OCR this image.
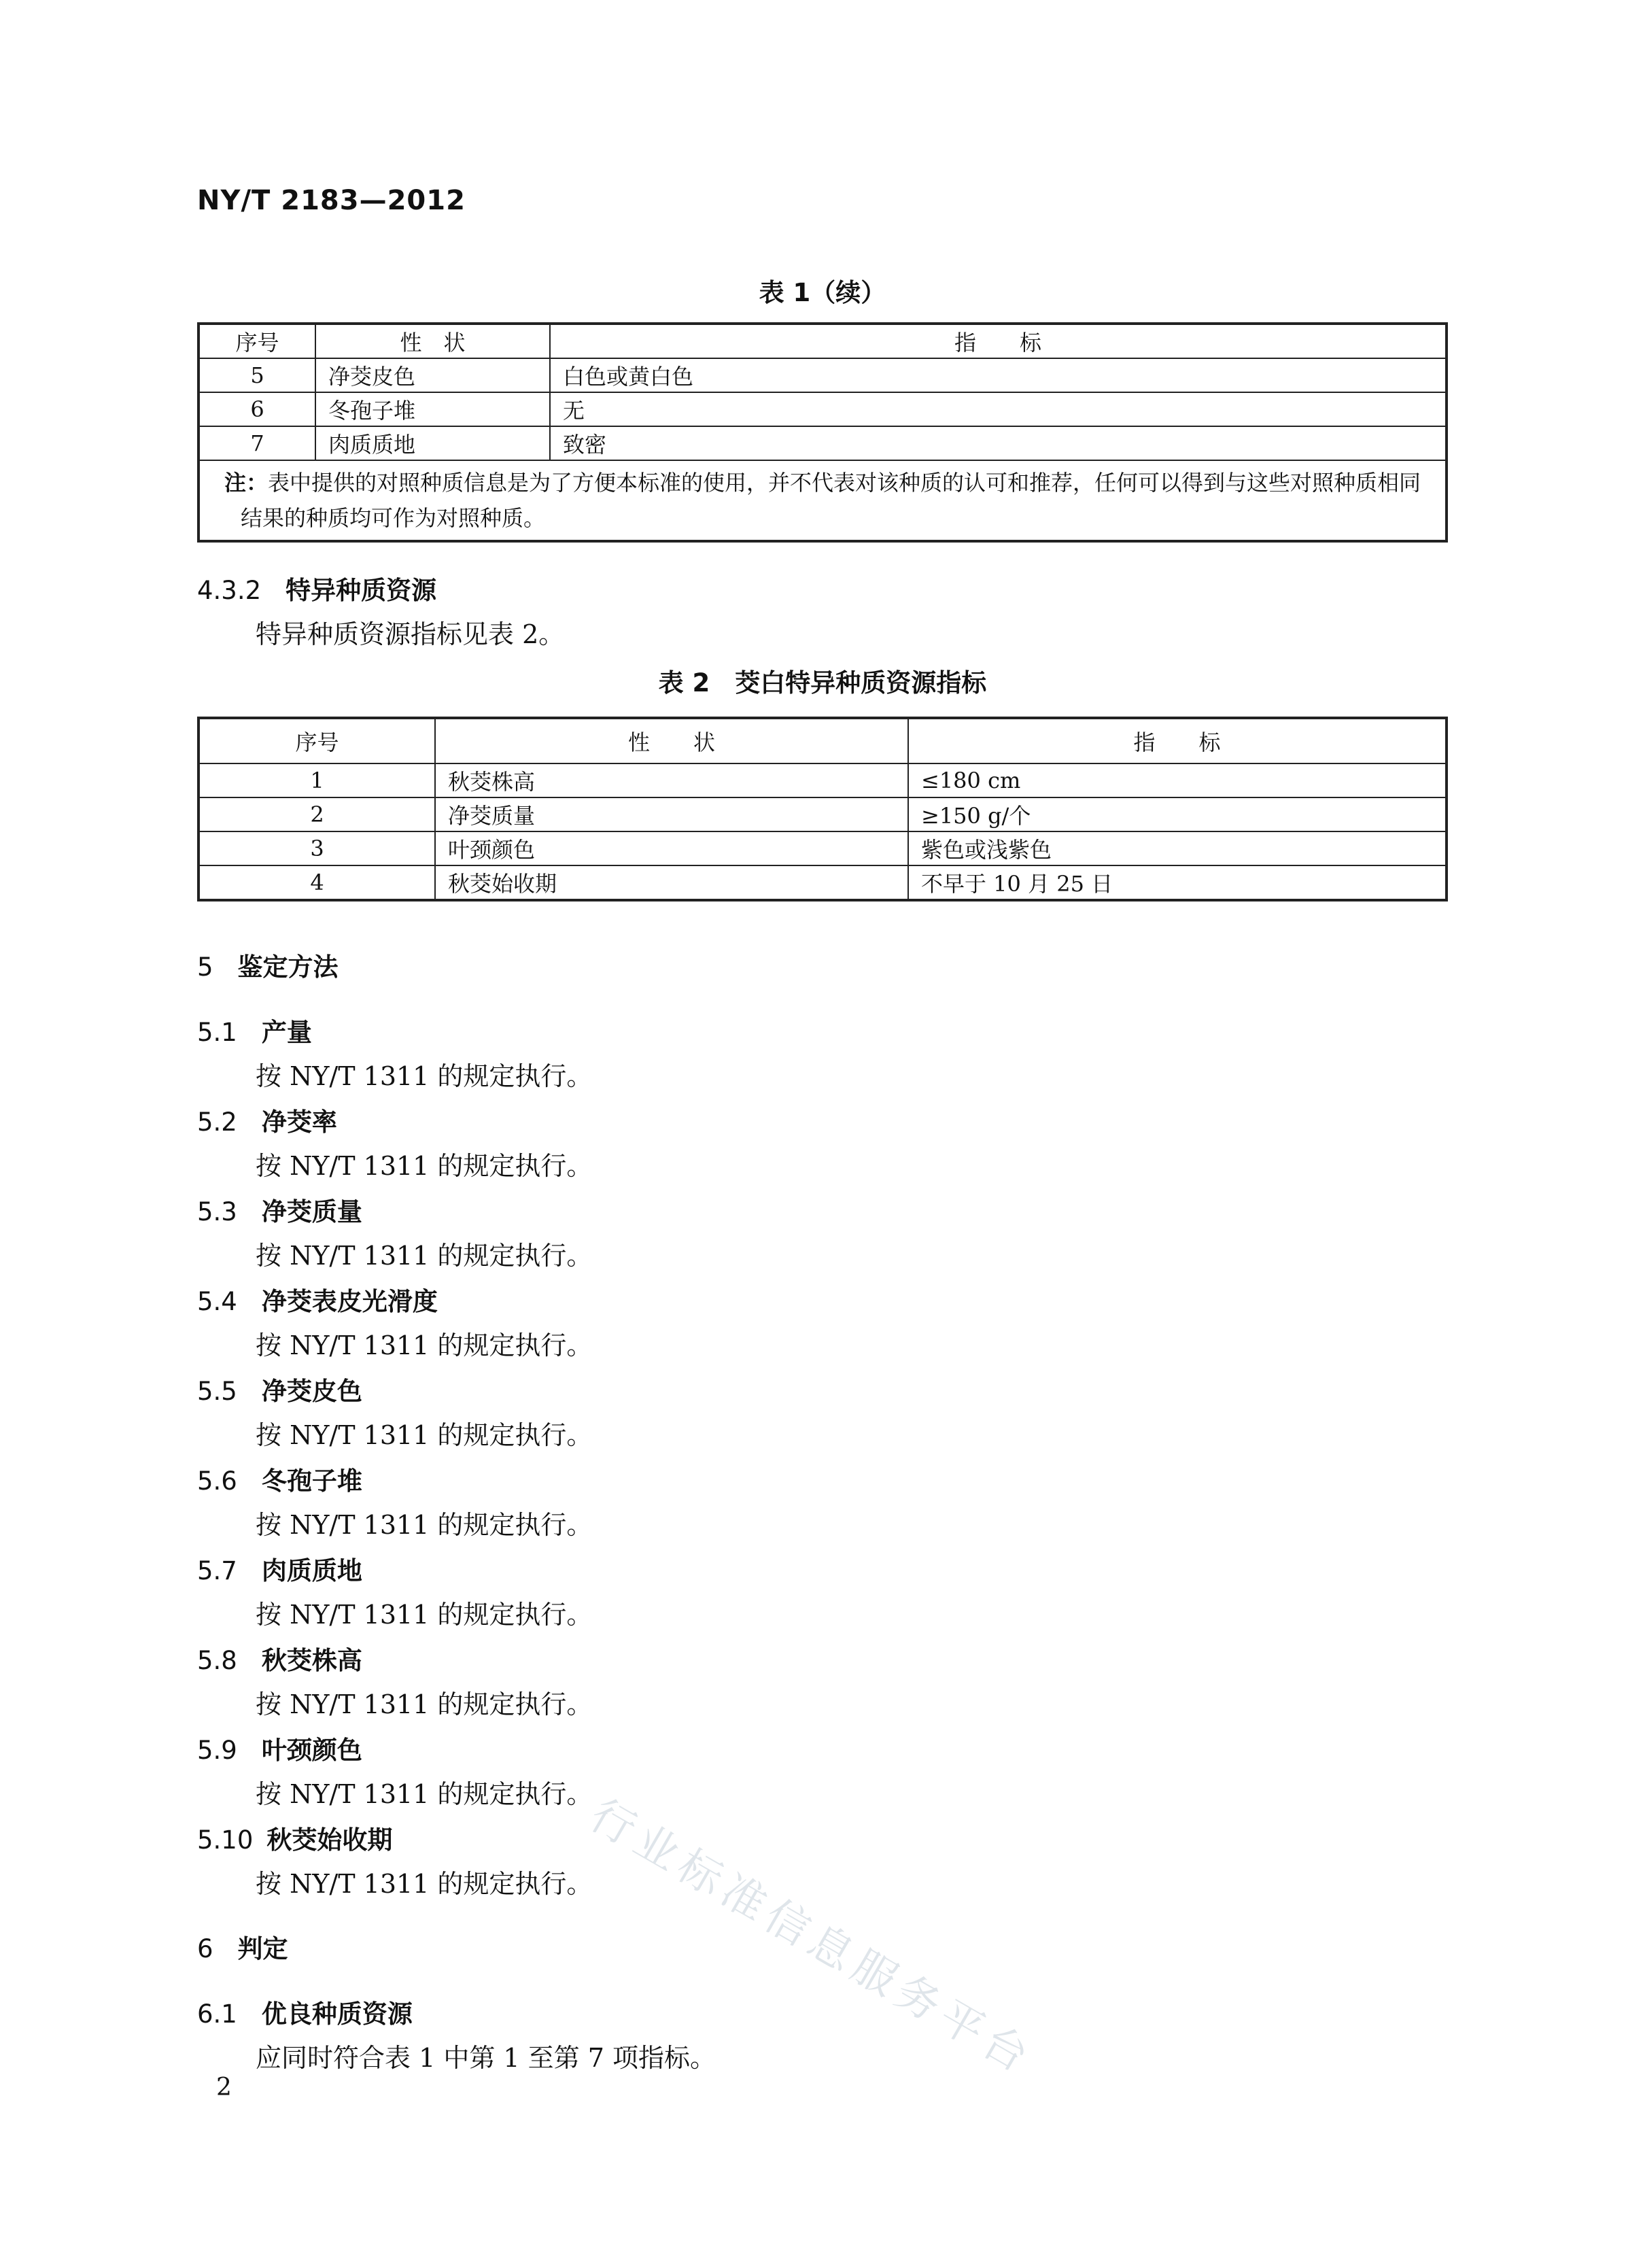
NY/T 2183—2012
表 1（续）
序号	性　状	指　　标
5	净茭皮色	白色或黄白色
6	冬孢子堆	无
7	肉质质地	致密
注：表中提供的对照种质信息是为了方便本标准的使用，并不代表对该种质的认可和推荐，任何可以得到与这些对照种质相同结果的种质均可作为对照种质。		
4.3.2 特异种质资源
特异种质资源指标见表 2。
表 2　茭白特异种质资源指标
序号	性　　状	指　　标
1	秋茭株高	≤180 cm
2	净茭质量	≥150 g/个
3	叶颈颜色	紫色或浅紫色
4	秋茭始收期	不早于 10 月 25 日
5 鉴定方法
5.1 产量
按 NY/T 1311 的规定执行。
5.2 净茭率
按 NY/T 1311 的规定执行。
5.3 净茭质量
按 NY/T 1311 的规定执行。
5.4 净茭表皮光滑度
按 NY/T 1311 的规定执行。
5.5 净茭皮色
按 NY/T 1311 的规定执行。
5.6 冬孢子堆
按 NY/T 1311 的规定执行。
5.7 肉质质地
按 NY/T 1311 的规定执行。
5.8 秋茭株高
按 NY/T 1311 的规定执行。
5.9 叶颈颜色
按 NY/T 1311 的规定执行。
5.10 秋茭始收期
按 NY/T 1311 的规定执行。
6 判定
6.1 优良种质资源
应同时符合表 1 中第 1 至第 7 项指标。
行业标准信息服务平台
2
